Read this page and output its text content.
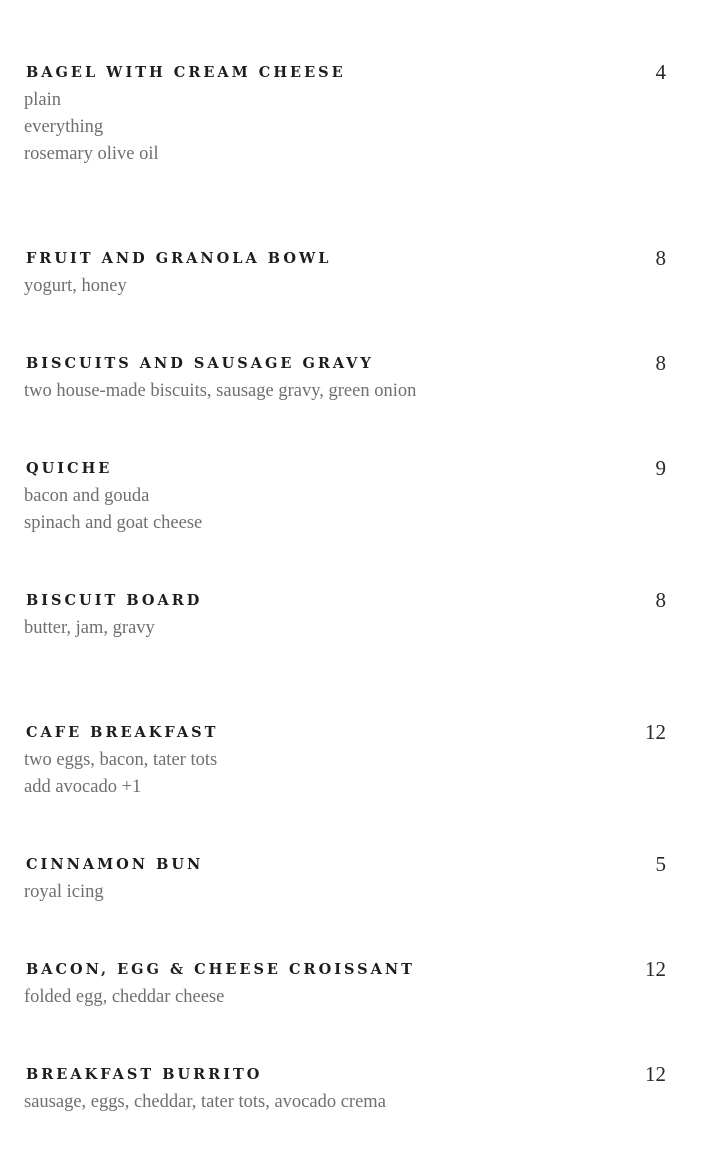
BAGEL WITH CREAM CHEESE	4
plain
everything
rosemary olive oil
FRUIT AND GRANOLA BOWL	8
yogurt, honey
BISCUITS AND SAUSAGE GRAVY	8
two house-made biscuits, sausage gravy, green onion
QUICHE	9
bacon and gouda
spinach and goat cheese
BISCUIT BOARD	8
butter, jam, gravy
CAFE BREAKFAST	12
two eggs, bacon, tater tots
add avocado +1
CINNAMON BUN	5
royal icing
BACON, EGG & CHEESE CROISSANT	12
folded egg, cheddar cheese
BREAKFAST BURRITO	12
sausage, eggs, cheddar, tater tots, avocado crema
